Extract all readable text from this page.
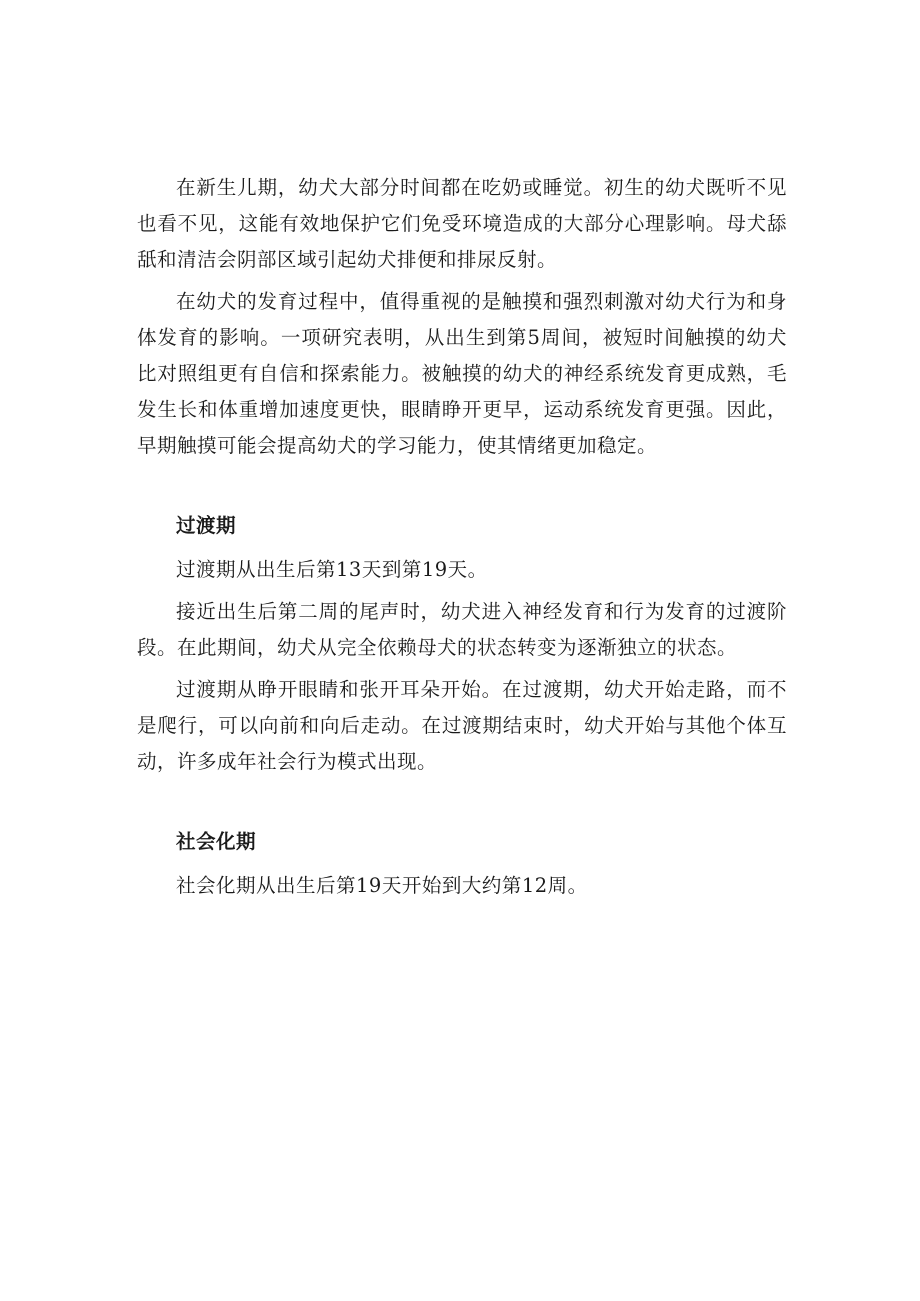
在新生儿期，幼犬大部分时间都在吃奶或睡觉。初生的幼犬既听不见也看不见，这能有效地保护它们免受环境造成的大部分心理影响。母犬舔舐和清洁会阴部区域引起幼犬排便和排尿反射。

在幼犬的发育过程中，值得重视的是触摸和强烈刺激对幼犬行为和身体发育的影响。一项研究表明，从出生到第5周间，被短时间触摸的幼犬比对照组更有自信和探索能力。被触摸的幼犬的神经系统发育更成熟，毛发生长和体重增加速度更快，眼睛睁开更早，运动系统发育更强。因此，早期触摸可能会提高幼犬的学习能力，使其情绪更加稳定。

过渡期

过渡期从出生后第13天到第19天。

接近出生后第二周的尾声时，幼犬进入神经发育和行为发育的过渡阶段。在此期间，幼犬从完全依赖母犬的状态转变为逐渐独立的状态。

过渡期从睁开眼睛和张开耳朵开始。在过渡期，幼犬开始走路，而不是爬行，可以向前和向后走动。在过渡期结束时，幼犬开始与其他个体互动，许多成年社会行为模式出现。

社会化期

社会化期从出生后第19天开始到大约第12周。
